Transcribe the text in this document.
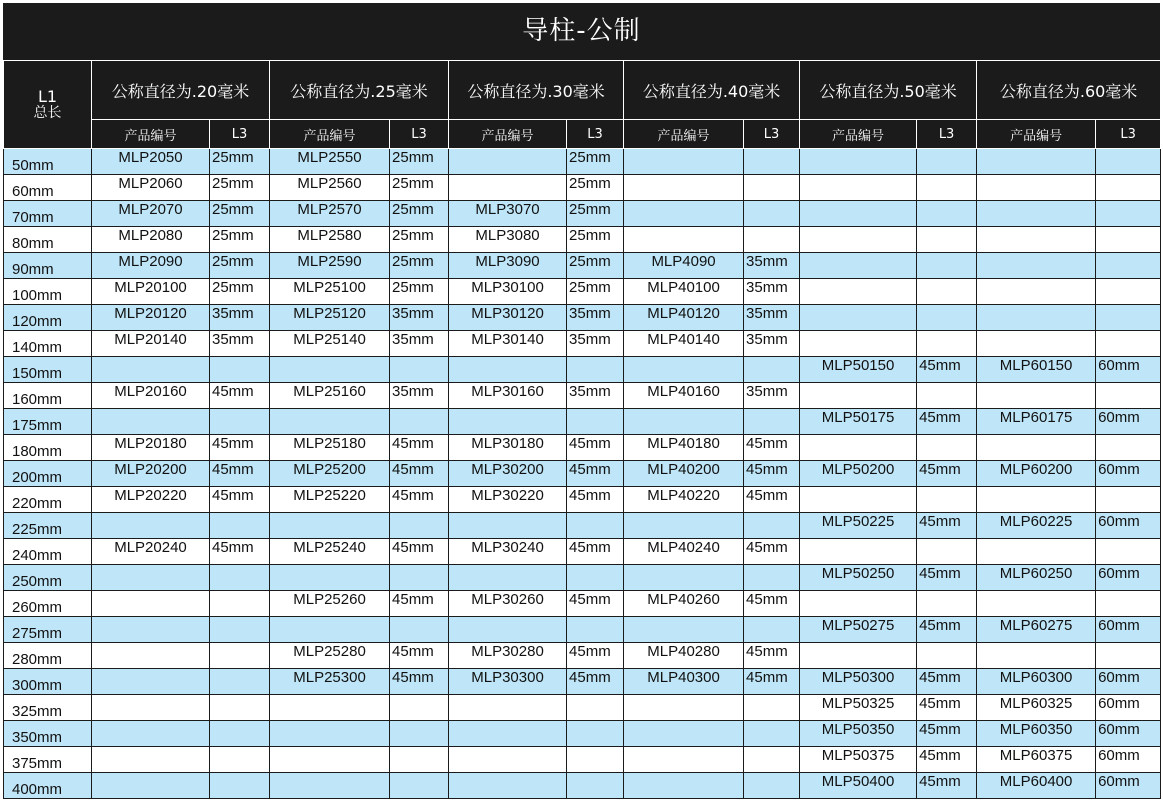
导柱-公制
L1
总长	公称直径为.20毫米		公称直径为.25毫米		公称直径为.30毫米		公称直径为.40毫米		公称直径为.50毫米		公称直径为.60毫米	
	产品编号	L3	产品编号	L3	产品编号	L3	产品编号	L3	产品编号	L3	产品编号	L3
50mm	MLP2050	25mm	MLP2550	25mm		25mm						
60mm	MLP2060	25mm	MLP2560	25mm		25mm						
70mm	MLP2070	25mm	MLP2570	25mm	MLP3070	25mm						
80mm	MLP2080	25mm	MLP2580	25mm	MLP3080	25mm						
90mm	MLP2090	25mm	MLP2590	25mm	MLP3090	25mm	MLP4090	35mm				
100mm	MLP20100	25mm	MLP25100	25mm	MLP30100	25mm	MLP40100	35mm				
120mm	MLP20120	35mm	MLP25120	35mm	MLP30120	35mm	MLP40120	35mm				
140mm	MLP20140	35mm	MLP25140	35mm	MLP30140	35mm	MLP40140	35mm				
150mm									MLP50150	45mm	MLP60150	60mm
160mm	MLP20160	45mm	MLP25160	35mm	MLP30160	35mm	MLP40160	35mm				
175mm									MLP50175	45mm	MLP60175	60mm
180mm	MLP20180	45mm	MLP25180	45mm	MLP30180	45mm	MLP40180	45mm				
200mm	MLP20200	45mm	MLP25200	45mm	MLP30200	45mm	MLP40200	45mm	MLP50200	45mm	MLP60200	60mm
220mm	MLP20220	45mm	MLP25220	45mm	MLP30220	45mm	MLP40220	45mm				
225mm									MLP50225	45mm	MLP60225	60mm
240mm	MLP20240	45mm	MLP25240	45mm	MLP30240	45mm	MLP40240	45mm				
250mm									MLP50250	45mm	MLP60250	60mm
260mm			MLP25260	45mm	MLP30260	45mm	MLP40260	45mm				
275mm									MLP50275	45mm	MLP60275	60mm
280mm			MLP25280	45mm	MLP30280	45mm	MLP40280	45mm				
300mm			MLP25300	45mm	MLP30300	45mm	MLP40300	45mm	MLP50300	45mm	MLP60300	60mm
325mm									MLP50325	45mm	MLP60325	60mm
350mm									MLP50350	45mm	MLP60350	60mm
375mm									MLP50375	45mm	MLP60375	60mm
400mm									MLP50400	45mm	MLP60400	60mm
